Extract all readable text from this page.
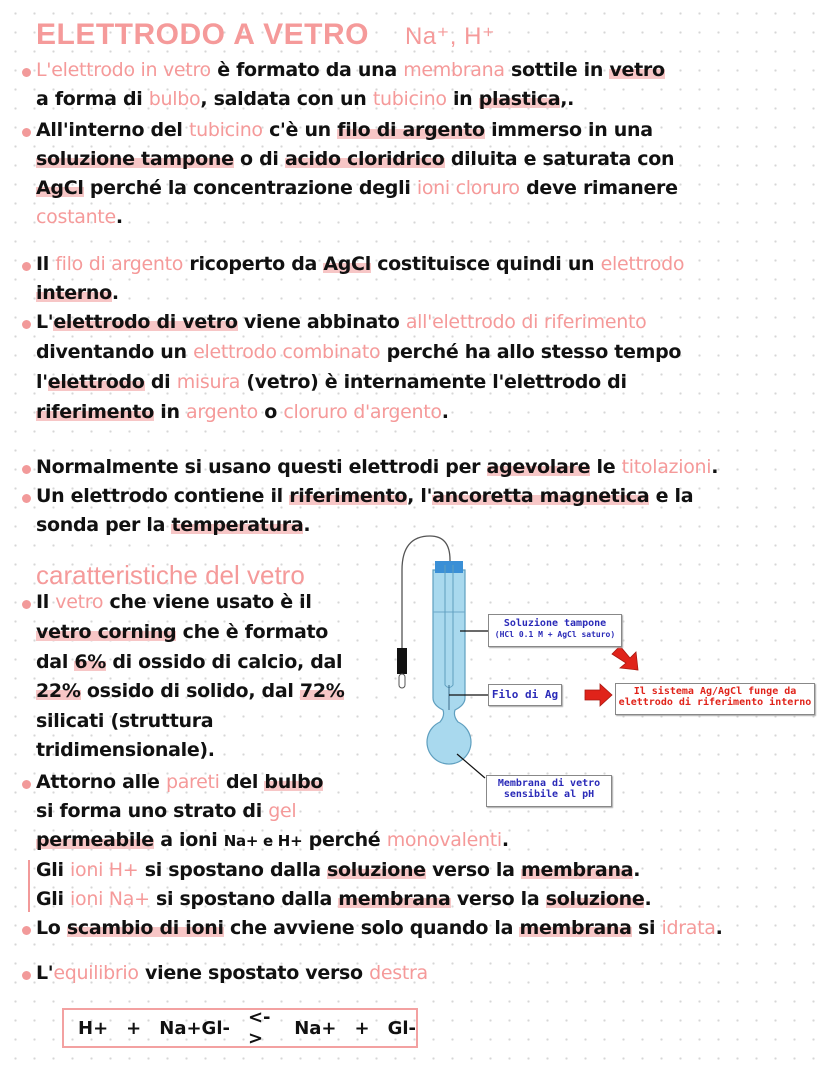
ELETTRODO A VETRO Na⁺, H⁺
L'elettrodo in vetro è formato da una membrana sottile in vetro
a forma di bulbo, saldata con un tubicino in plastica,.
All'interno del tubicino c'è un filo di argento immerso in una
soluzione tampone o di acido cloridrico diluita e saturata con
AgCl perché la concentrazione degli ioni cloruro deve rimanere
costante.
Il filo di argento ricoperto da AgCl costituisce quindi un elettrodo
interno.
L'elettrodo di vetro viene abbinato all'elettrodo di riferimento
diventando un elettrodo combinato perché ha allo stesso tempo
l'elettrodo di misura (vetro) è internamente l'elettrodo di
riferimento in argento o cloruro d'argento.
Normalmente si usano questi elettrodi per agevolare le titolazioni.
Un elettrodo contiene il riferimento, l'ancoretta magnetica e la
sonda per la temperatura.
caratteristiche del vetro
Il vetro che viene usato è il
vetro corning che è formato
dal 6% di ossido di calcio, dal
22% ossido di solido, dal 72%
silicati (struttura
tridimensionale).
Attorno alle pareti del bulbo
si forma uno strato di gel
permeabile a ioni Na+ e H+ perché monovalenti.
Gli ioni H+ si spostano dalla soluzione verso la membrana.
Gli ioni Na+ si spostano dalla membrana verso la soluzione.
Lo scambio di ioni che avviene solo quando la membrana si idrata.
L'equilibrio viene spostato verso destra
H+ + Na+Gl- <->	Na+ + Gl-
Soluzione tampone
(HCl 0.1 M + AgCl saturo)
Filo di Ag	Il sistema Ag/AgCl funge da
elettrodo di riferimento interno
Membrana di vetro
sensibile al pH
